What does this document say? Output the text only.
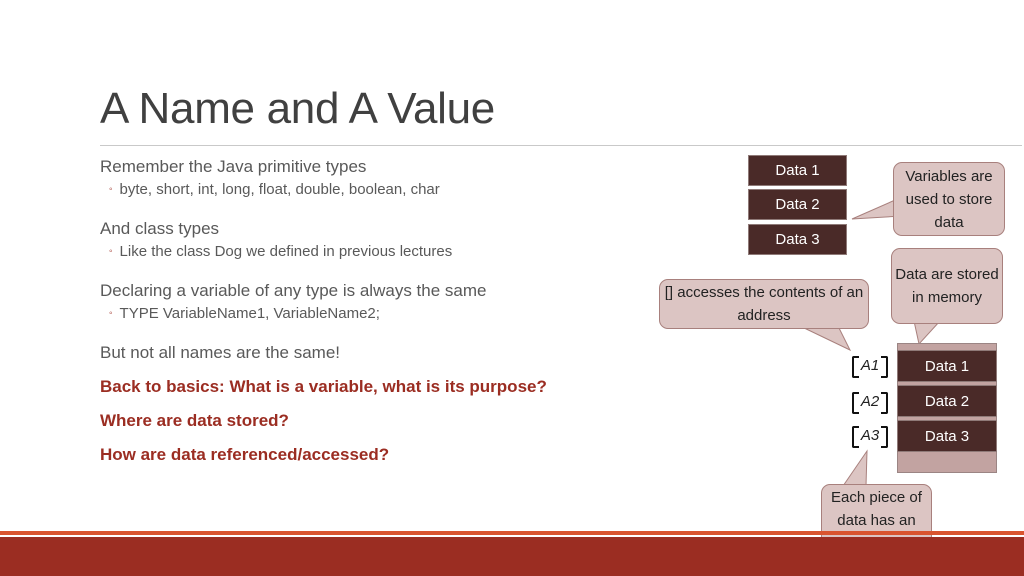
A Name and A Value

Remember the Java primitive types

◦ byte, short, int, long, float, double, boolean, char

And class types

◦ Like the class Dog we defined in previous lectures

Declaring a variable of any type is always the same

◦ TYPE VariableName1, VariableName2;

But not all names are the same!

Back to basics: What is a variable, what is its purpose?

Where are data stored?

How are data referenced/accessed?

Data 1
Data 2
Data 3
Data 1
Data 2
Data 3
A1
A2
A3
Variables are used to store data
Data are stored in memory
[] accesses the contents of an address
Each piece of data has an
